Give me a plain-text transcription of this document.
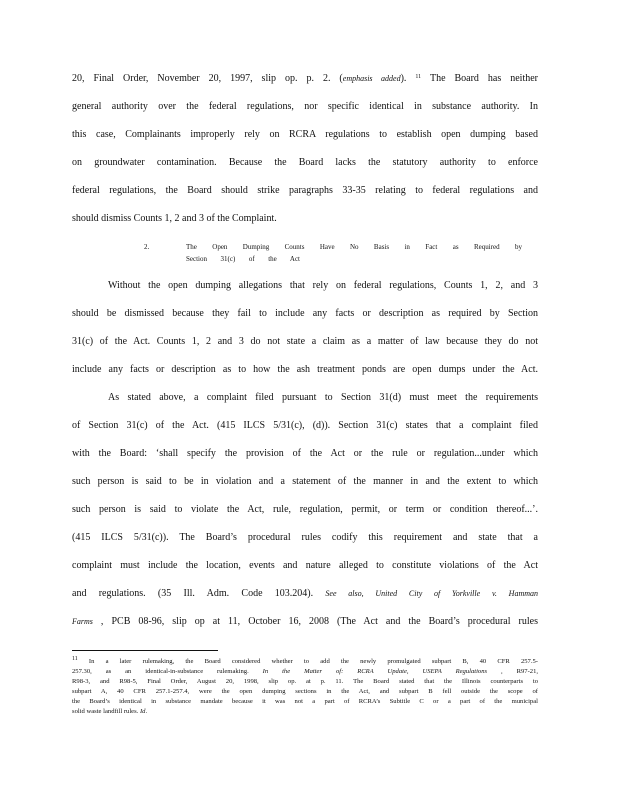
20, Final Order, November 20, 1997, slip op. p. 2. (emphasis added). $^{11}$ The Board has neither
general authority over the federal regulations, nor specific identical in substance authority. In
this case, Complainants improperly rely on RCRA regulations to establish open dumping based
on groundwater contamination. Because the Board lacks the statutory authority to enforce
federal regulations, the Board should strike paragraphs 33-35 relating to federal regulations and
should dismiss Counts 1, 2 and 3 of the Complaint.
2.	The Open Dumping Counts Have No Basis in Fact as Required by
Section 31(c) of the Act
Without the open dumping allegations that rely on federal regulations, Counts 1, 2, and 3
should be dismissed because they fail to include any facts or description as required by Section
31(c) of the Act. Counts 1, 2 and 3 do not state a claim as a matter of law because they do not
include any facts or description as to how the ash treatment ponds are open dumps under the Act.
As stated above, a complaint filed pursuant to Section 31(d) must meet the requirements
of Section 31(c) of the Act. (415 ILCS 5/31(c), (d)). Section 31(c) states that a complaint filed
with the Board: ‘shall specify the provision of the Act or the rule or regulation...under which
such person is said to be in violation and a statement of the manner in and the extent to which
such person is said to violate the Act, rule, regulation, permit, or term or condition thereof...’.
(415 ILCS 5/31(c)). The Board’s procedural rules codify this requirement and state that a
complaint must include the location, events and nature alleged to constitute violations of the Act
and regulations. (35 Ill. Adm. Code 103.204). See also, United City of Yorkville v. Hamman
Farms , PCB 08-96, slip op at 11, October 16, 2008 (The Act and the Board’s procedural rules
$^{11}$ In a later rulemaking, the Board considered whether to add the newly promulgated subpart B, 40 CFR 257.5-
257.30, as an identical-in-substance rulemaking. In the Matter of: RCRA Update, USEPA Regulations , R97-21,
R98-3, and R98-5, Final Order, August 20, 1998, slip op. at p. 11. The Board stated that the Illinois counterparts to
subpart A, 40 CFR 257.1-257.4, were the open dumping sections in the Act, and subpart B fell outside the scope of
the Board’s identical in substance mandate because it was not a part of RCRA’s Subtitle C or a part of the municipal
solid waste landfill rules. Id.
